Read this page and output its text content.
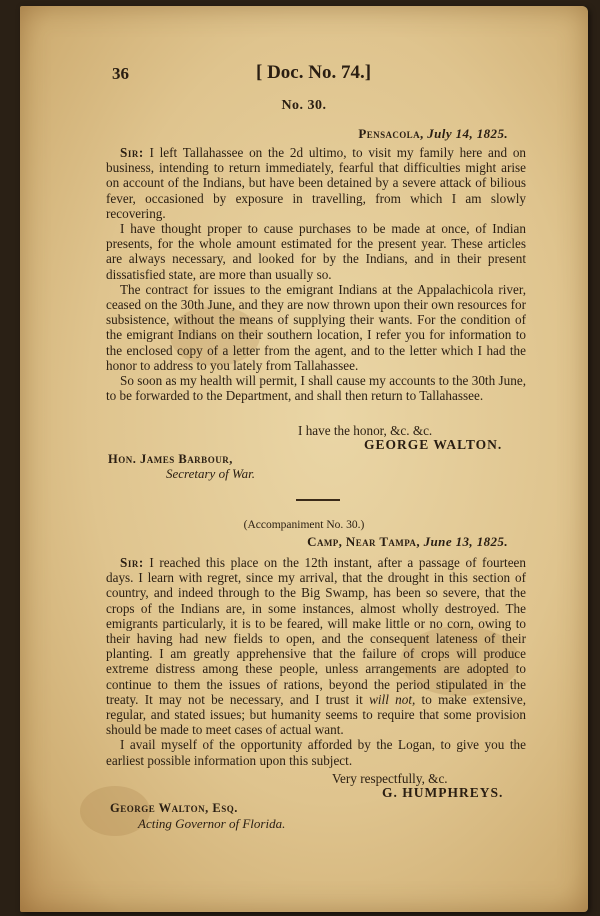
36	[ Doc. No. 74.]
No. 30.
Pensacola, July 14, 1825.

Sir: I left Tallahassee on the 2d ultimo, to visit my family here and on business, intending to return immediately, fearful that difficulties might arise on account of the Indians, but have been detained by a severe attack of bilious fever, occasioned by exposure in travelling, from which I am slowly recovering.

I have thought proper to cause purchases to be made at once, of Indian presents, for the whole amount estimated for the present year. These articles are always necessary, and looked for by the Indians, and in their present dissatisfied state, are more than usually so.

The contract for issues to the emigrant Indians at the Appalachicola river, ceased on the 30th June, and they are now thrown upon their own resources for subsistence, without the means of supplying their wants. For the condition of the emigrant Indians on their southern location, I refer you for information to the enclosed copy of a letter from the agent, and to the letter which I had the honor to address to you lately from Tallahassee.

So soon as my health will permit, I shall cause my accounts to the 30th June, to be forwarded to the Department, and shall then return to Tallahassee.

I have the honor, &c. &c.
GEORGE WALTON.
Hon. James Barbour,
Secretary of War.
(Accompaniment No. 30.)
Camp, Near Tampa, June 13, 1825.

Sir: I reached this place on the 12th instant, after a passage of fourteen days. I learn with regret, since my arrival, that the drought in this section of country, and indeed through to the Big Swamp, has been so severe, that the crops of the Indians are, in some instances, almost wholly destroyed. The emigrants particularly, it is to be feared, will make little or no corn, owing to their having had new fields to open, and the consequent lateness of their planting. I am greatly apprehensive that the failure of crops will produce extreme distress among these people, unless arrangements are adopted to continue to them the issues of rations, beyond the period stipulated in the treaty. It may not be necessary, and I trust it will not, to make extensive, regular, and stated issues; but humanity seems to require that some provision should be made to meet cases of actual want.

I avail myself of the opportunity afforded by the Logan, to give you the earliest possible information upon this subject.

Very respectfully, &c.
G. HUMPHREYS.
George Walton, Esq.
Acting Governor of Florida.
